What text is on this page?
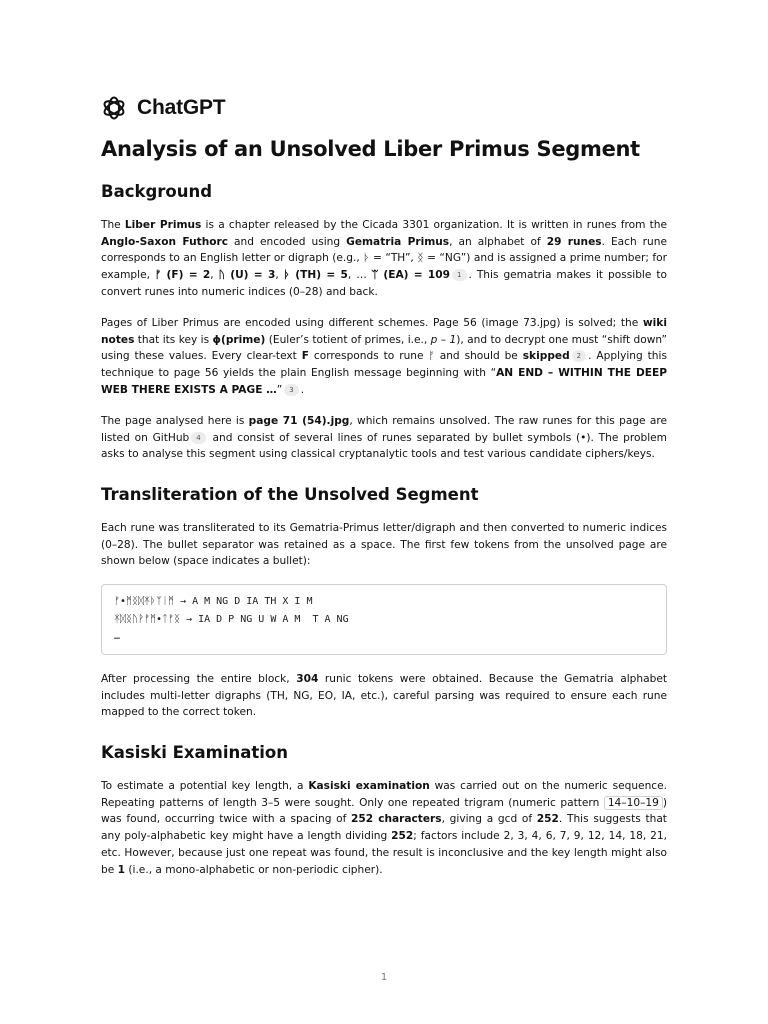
ChatGPT
Analysis of an Unsolved Liber Primus Segment
Background

The Liber Primus is a chapter released by the Cicada 3301 organization. It is written in runes from the Anglo-Saxon Futhorc and encoded using Gematria Primus, an alphabet of 29 runes. Each rune corresponds to an English letter or digraph (e.g., ᚦ = “TH”, ᛝ = “NG”) and is assigned a prime number; for example, ᚠ (F) = 2, ᚢ (U) = 3, ᚦ (TH) = 5, … ᛠ (EA) = 109 1 . This gematria makes it possible to convert runes into numeric indices (0–28) and back.

Pages of Liber Primus are encoded using different schemes. Page 56 (image 73.jpg) is solved; the wiki notes that its key is ϕ(prime) (Euler’s totient of primes, i.e., p – 1), and to decrypt one must “shift down” using these values. Every clear-text F corresponds to rune ᚠ and should be skipped 2 . Applying this technique to page 56 yields the plain English message beginning with “AN END – WITHIN THE DEEP WEB THERE EXISTS A PAGE …” 3 .

The page analysed here is page 71 (54).jpg, which remains unsolved. The raw runes for this page are listed on GitHub 4 and consist of several lines of runes separated by bullet symbols (•). The problem asks to analyse this segment using classical cryptanalytic tools and test various candidate ciphers/keys.

Transliteration of the Unsolved Segment

Each rune was transliterated to its Gematria-Primus letter/digraph and then converted to numeric indices (0–28). The bullet separator was retained as a space. The first few tokens from the unsolved page are shown below (space indicates a bullet):

ᚠ•ᛗᛝᛞᛡᚦᛉᛁᛗ → A M NG D IA TH X I M
ᛡᛞᛝᚢᚹᚠᛗ•ᛏᚠᛝ → IA D P NG U W A M  T A NG
…

After processing the entire block, 304 runic tokens were obtained. Because the Gematria alphabet includes multi-letter digraphs (TH, NG, EO, IA, etc.), careful parsing was required to ensure each rune mapped to the correct token.

Kasiski Examination

To estimate a potential key length, a Kasiski examination was carried out on the numeric sequence. Repeating patterns of length 3–5 were sought. Only one repeated trigram (numeric pattern 14–10–19 ) was found, occurring twice with a spacing of 252 characters, giving a gcd of 252. This suggests that any poly-alphabetic key might have a length dividing 252; factors include 2, 3, 4, 6, 7, 9, 12, 14, 18, 21, etc. However, because just one repeat was found, the result is inconclusive and the key length might also be 1 (i.e., a mono-alphabetic or non-periodic cipher).

1
